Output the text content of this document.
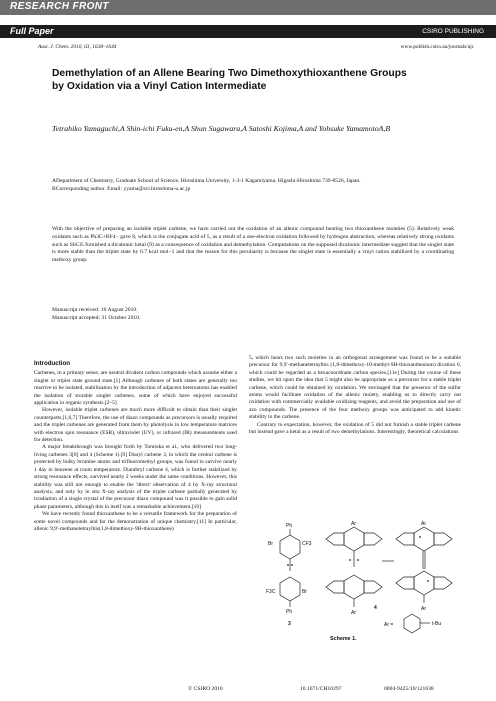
RESEARCH FRONT
Full Paper	CSIRO PUBLISHING
Aust. J. Chem. 2010, 63, 1638–1644	www.publish.csiro.au/journals/ajc
Demethylation of an Allene Bearing Two Dimethoxythioxanthene Groups by Oxidation via a Vinyl Cation Intermediate
Tetrahiko Yamaguchi,A Shin-ichi Fuku-en,A Shun Sugawara,A Satoshi Kojima,A and Yohsuke YamamotoA,B
ADepartment of Chemistry, Graduate School of Science, Hiroshima University, 1-3-1 Kagamiyama, Higashi-Hiroshima 739-8526, Japan.
BCorresponding author. Email: yyama@sci.hiroshima-u.ac.jp
With the objective of preparing an isolable triplet carbene, we have carried out the oxidation of an allenic compound bearing two thioxanthene moieties (5). Relatively weak oxidants such as Ph3C+BF4− gave 8, which is the conjugate acid of 5, as a result of a one-electron oxidation followed by hydrogen abstraction, whereas relatively strong oxidants such as SbCl5 furnished a dicationic ketal (9) as a consequence of oxidation and demethylation. Computations on the supposed dicationic intermediate suggest that the singlet state is more stable than the triplet state by 6.7 kcal mol−1 and that the reason for this peculiarity is because the singlet state is essentially a vinyl cation stabilized by a coordinating methoxy group.
Manuscript received: 10 August 2010.
Manuscript accepted: 31 October 2010.
Introduction

Carbenes, in a primary sense, are neutral divalent carbon compounds which assume either a singlet or triplet state ground state.[1] Although carbenes of both states are generally too reactive to be isolated, stabilization by the introduction of adjacent heteroatoms has enabled the isolation of storable singlet carbenes, some of which have enjoyed successful application in organic synthesis.[2–5]

However, isolable triplet carbenes are much more difficult to obtain than their singlet counterparts.[1,6,7] Therefore, the use of diazo compounds as precursors is usually required and the triplet carbenes are generated from them by photolysis in low temperature matrices with electron spin resonance (ESR), ultraviolet (UV), or infrared (IR) measurements used for detection.

A major breakthrough was brought forth by Tomioka et al., who delivered two long-living carbenes 3[8] and 4 (Scheme 1).[9] Diaryl carbene 3, in which the central carbene is protected by bulky bromine atoms and trifluoromethyl groups, was found to survive nearly 1 day in benzene at room temperature. Dianthryl carbene 4, which is further stabilized by strong resonance effects, survived nearly 2 weeks under the same conditions. However, this stability was still not enough to enable the 'direct' observation of 4 by X-ray structural analysis, and only by in situ X-ray analysis of the triplet carbene partially generated by irradiation of a single crystal of the precursor diazo compound was it possible to gain solid phase parameters, although this in itself was a remarkable achievement.[10]

We have recently found thioxanthene to be a versatile framework for the preparation of some novel compounds and for the demonstration of unique chemistry.[11] In particular, allenic 9,9′-methanetetraylbis(1,8-dimethoxy-9H-thioxanthene)

5, which bears two such moieties in an orthogonal arrangement was found to be a suitable precursor for 9,9′-methanetetraylbis (1,8-dimethoxy-10-methyl-9H-thioxanthenium) dication 6, which could be regarded as a hexacoordinate carbon species.[11e] During the course of these studies, we hit upon the idea that 5 might also be appropriate as a precursor for a stable triplet carbene, which could be obtained by oxidation. We envisaged that the presence of the sulfur atoms would facilitate oxidation of the allenic moiety, enabling us to directly carry out oxidation with commercially available oxidizing reagents, and avoid the preparation and use of azo compounds. The presence of the four methoxy groups was anticipated to add kinetic stability to the carbene.

Contrary to expectation, however, the oxidation of 5 did not furnish a stable triplet carbene but instead gave a ketal as a result of two demethylations. Interestingly, theoretical calculations

Ph
Br	CF3
F3C	Br
Ph
3
Ar
Ar
4
Ar
Ar
Ar =	t-Bu
Scheme 1.
© CSIRO 2010	10.1071/CH10297	0004-9425/10/121638
